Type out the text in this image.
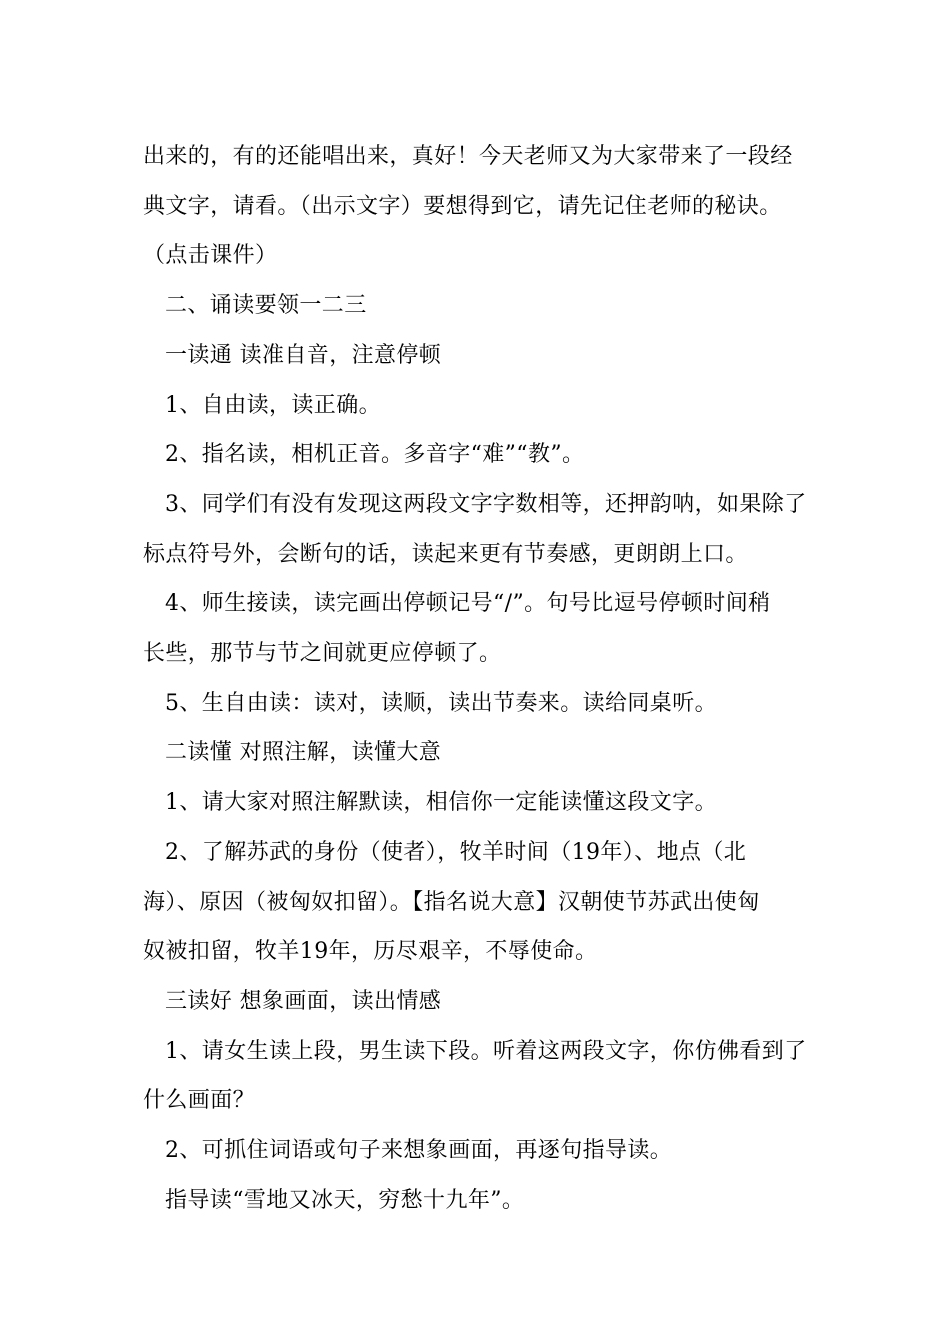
出来的，有的还能唱出来，真好！今天老师又为大家带来了一段经
典文字，请看。（出示文字）要想得到它，请先记住老师的秘诀。
（点击课件）
二、诵读要领一二三
一读通 读准自音，注意停顿
1、自由读，读正确。
2、指名读，相机正音。多音字“难”“教”。
3、同学们有没有发现这两段文字字数相等，还押韵呐，如果除了
标点符号外，会断句的话，读起来更有节奏感，更朗朗上口。
4、师生接读，读完画出停顿记号“/”。句号比逗号停顿时间稍
长些，那节与节之间就更应停顿了。
5、生自由读：读对，读顺，读出节奏来。读给同桌听。
二读懂 对照注解，读懂大意
1、请大家对照注解默读，相信你一定能读懂这段文字。
2、了解苏武的身份（使者），牧羊时间（19年）、地点（北
海）、原因（被匈奴扣留）。【指名说大意】汉朝使节苏武出使匈
奴被扣留，牧羊19年，历尽艰辛，不辱使命。
三读好 想象画面，读出情感
1、请女生读上段，男生读下段。听着这两段文字，你仿佛看到了
什么画面？
2、可抓住词语或句子来想象画面，再逐句指导读。
指导读“雪地又冰天，穷愁十九年”。
